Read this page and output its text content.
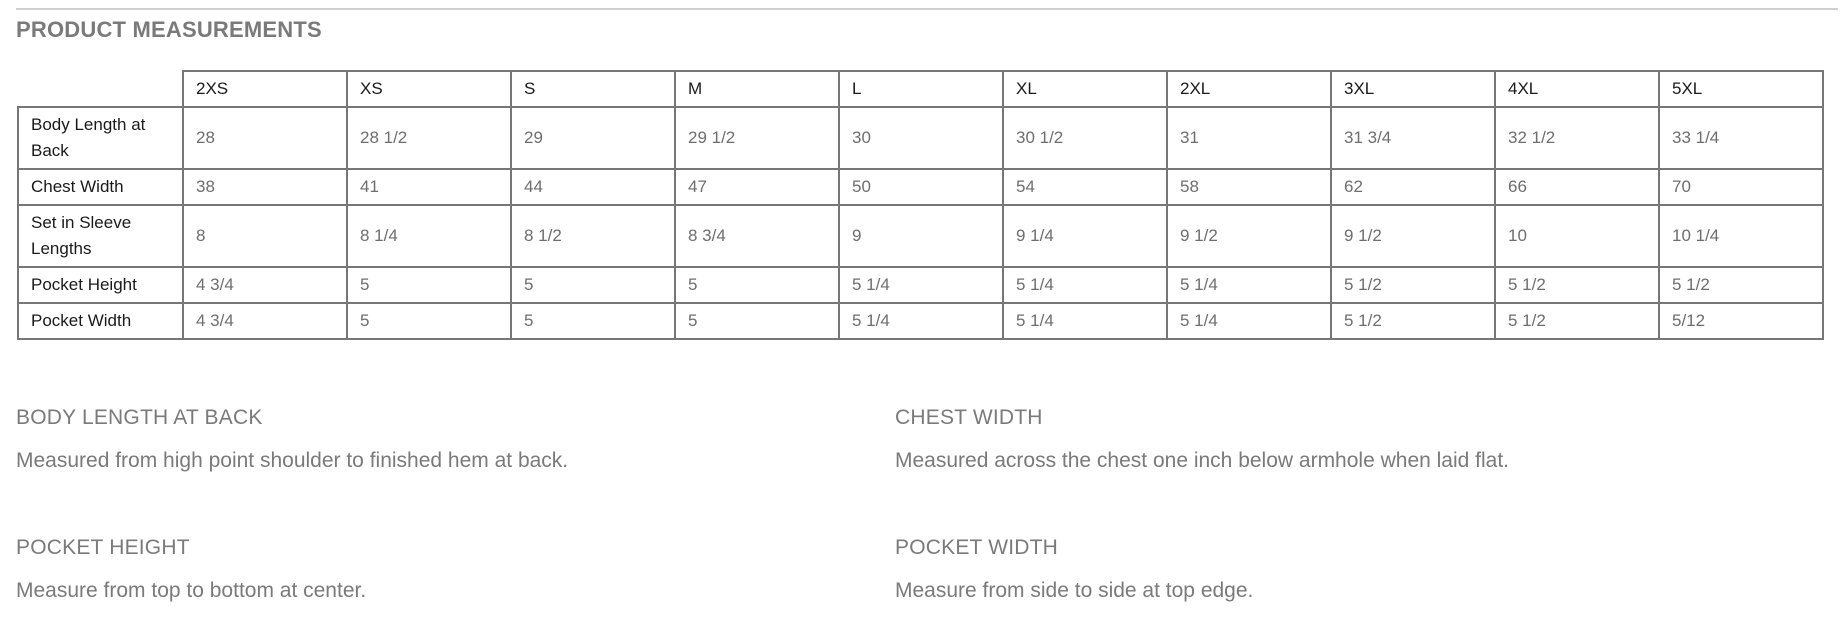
PRODUCT MEASUREMENTS
	2XS	XS	S	M	L	XL	2XL	3XL	4XL	5XL
Body Length at
Back	28	28 1/2	29	29 1/2	30	30 1/2	31	31 3/4	32 1/2	33 1/4
Chest Width	38	41	44	47	50	54	58	62	66	70
Set in Sleeve
Lengths	8	8 1/4	8 1/2	8 3/4	9	9 1/4	9 1/2	9 1/2	10	10 1/4
Pocket Height	4 3/4	5	5	5	5 1/4	5 1/4	5 1/4	5 1/2	5 1/2	5 1/2
Pocket Width	4 3/4	5	5	5	5 1/4	5 1/4	5 1/4	5 1/2	5 1/2	5/12
BODY LENGTH AT BACK

Measured from high point shoulder to finished hem at back.

CHEST WIDTH

Measured across the chest one inch below armhole when laid flat.

POCKET HEIGHT

Measure from top to bottom at center.

POCKET WIDTH

Measure from side to side at top edge.
